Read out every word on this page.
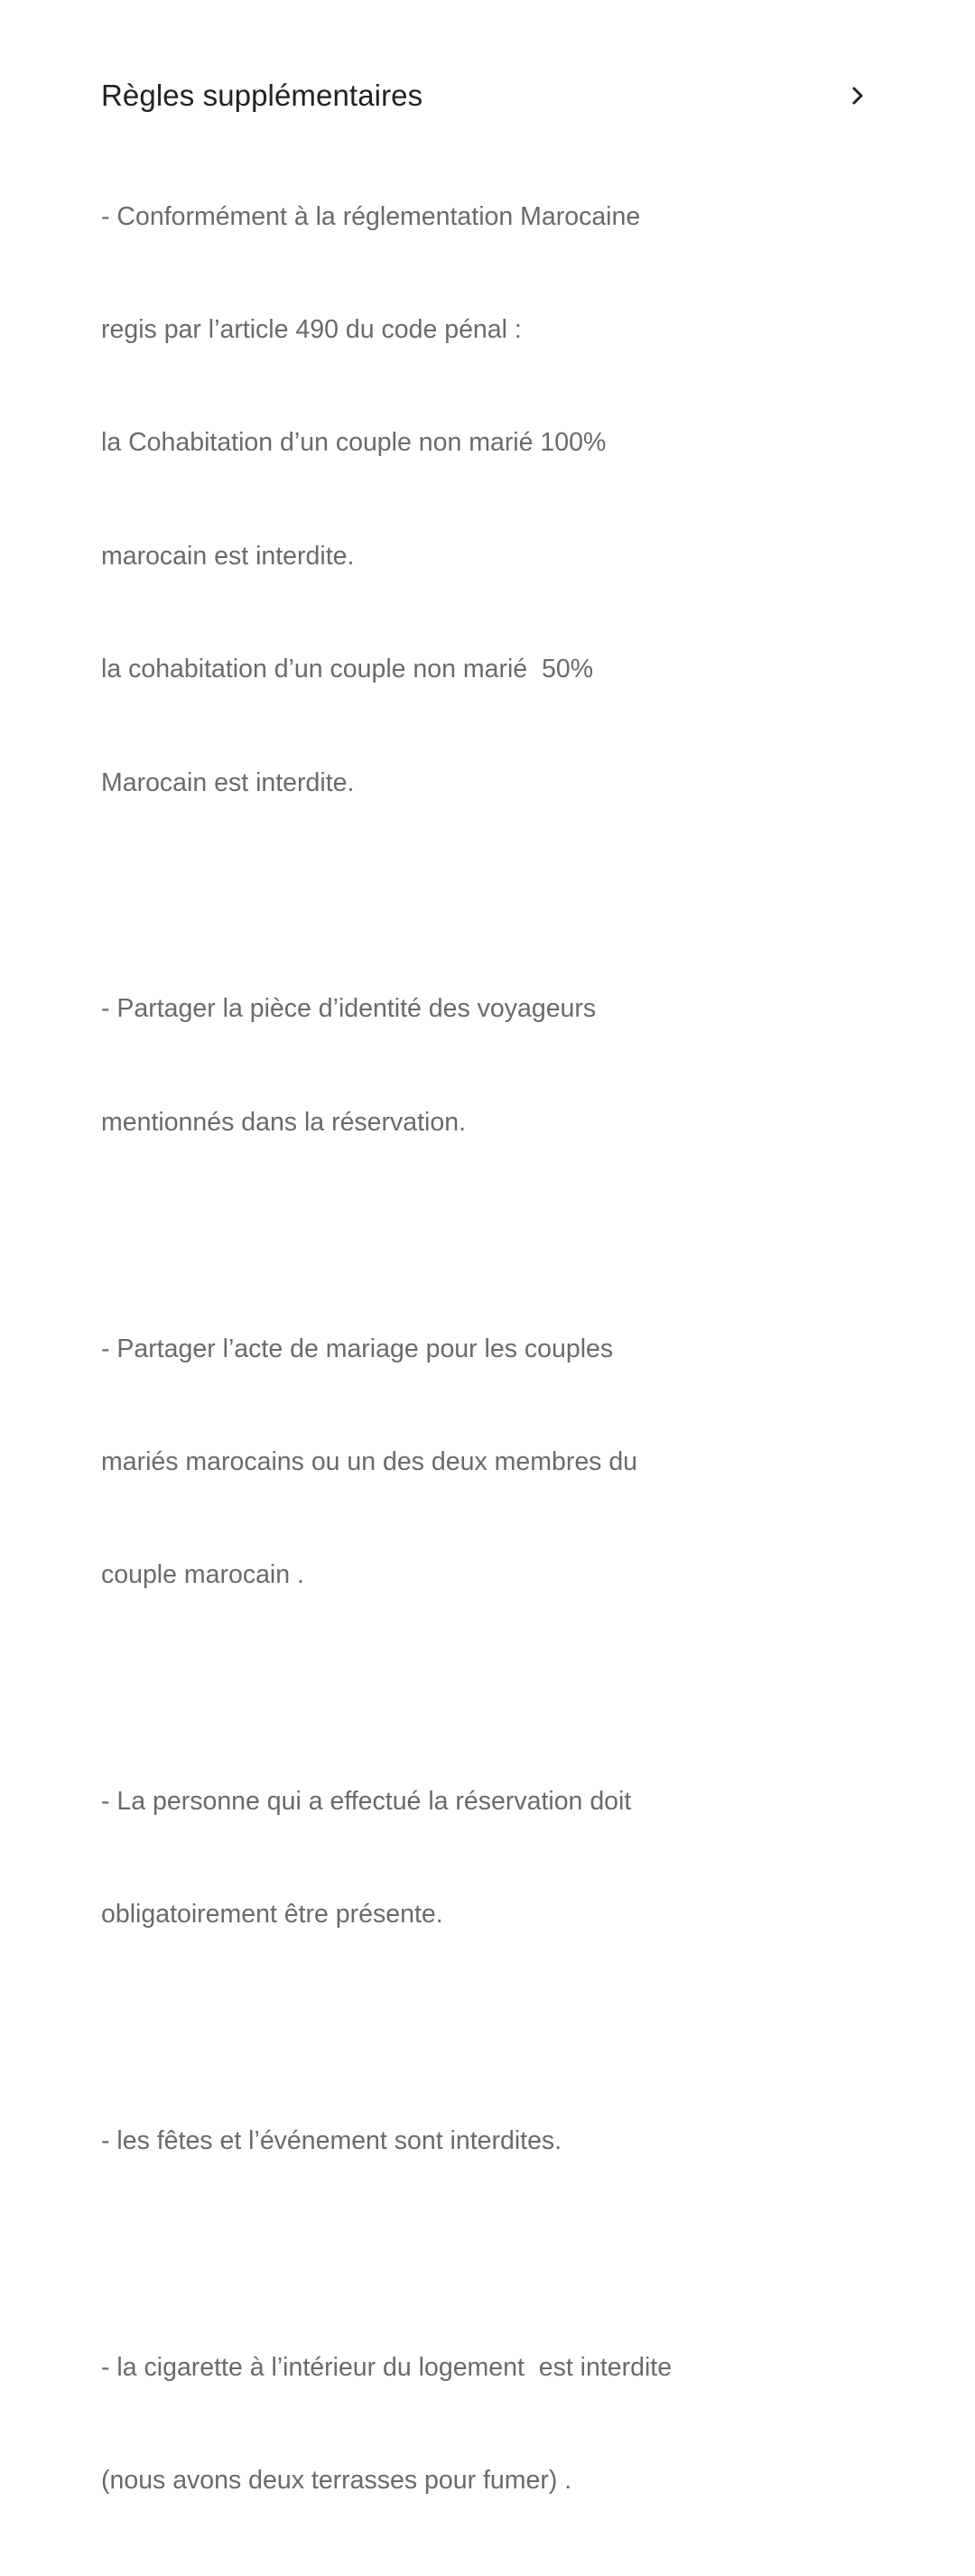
Règles supplémentaires

- Conformément à la réglementation Marocaine

regis par l’article 490 du code pénal :

la Cohabitation d’un couple non marié 100%

marocain est interdite.

la cohabitation d’un couple non marié  50%

Marocain est interdite.

- Partager la pièce d’identité des voyageurs

mentionnés dans la réservation.

- Partager l’acte de mariage pour les couples

mariés marocains ou un des deux membres du

couple marocain .

- La personne qui a effectué la réservation doit

obligatoirement être présente.

- les fêtes et l’événement sont interdites.

- la cigarette à l’intérieur du logement  est interdite

(nous avons deux terrasses pour fumer) .
